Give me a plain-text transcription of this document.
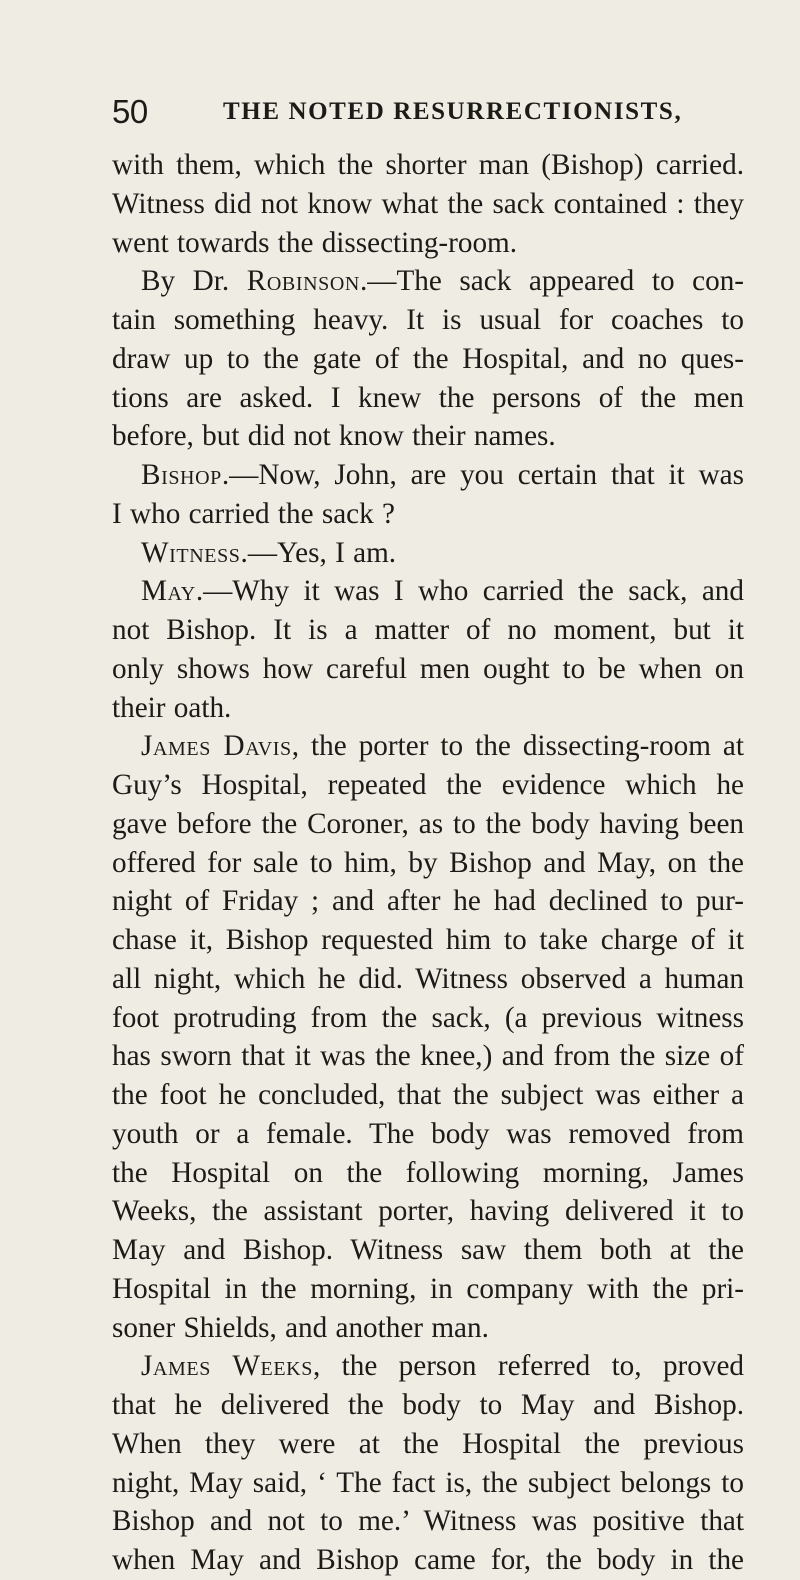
50	THE NOTED RESURRECTIONISTS,
with them, which the shorter man (Bishop) carried.
Witness did not know what the sack contained : they
went towards the dissecting-room.
By Dr. Robinson.—The sack appeared to con-
tain something heavy. It is usual for coaches to
draw up to the gate of the Hospital, and no ques-
tions are asked. I knew the persons of the men
before, but did not know their names.
Bishop.—Now, John, are you certain that it was
I who carried the sack ?
Witness.—Yes, I am.
May.—Why it was I who carried the sack, and
not Bishop. It is a matter of no moment, but it
only shows how careful men ought to be when on
their oath.
James Davis, the porter to the dissecting-room at
Guy’s Hospital, repeated the evidence which he
gave before the Coroner, as to the body having been
offered for sale to him, by Bishop and May, on the
night of Friday ; and after he had declined to pur-
chase it, Bishop requested him to take charge of it
all night, which he did. Witness observed a human
foot protruding from the sack, (a previous witness
has sworn that it was the knee,) and from the size of
the foot he concluded, that the subject was either a
youth or a female. The body was removed from
the Hospital on the following morning, James
Weeks, the assistant porter, having delivered it to
May and Bishop. Witness saw them both at the
Hospital in the morning, in company with the pri-
soner Shields, and another man.
James Weeks, the person referred to, proved
that he delivered the body to May and Bishop.
When they were at the Hospital the previous
night, May said, ‘ The fact is, the subject belongs to
Bishop and not to me.’ Witness was positive that
when May and Bishop came for, the body in the
